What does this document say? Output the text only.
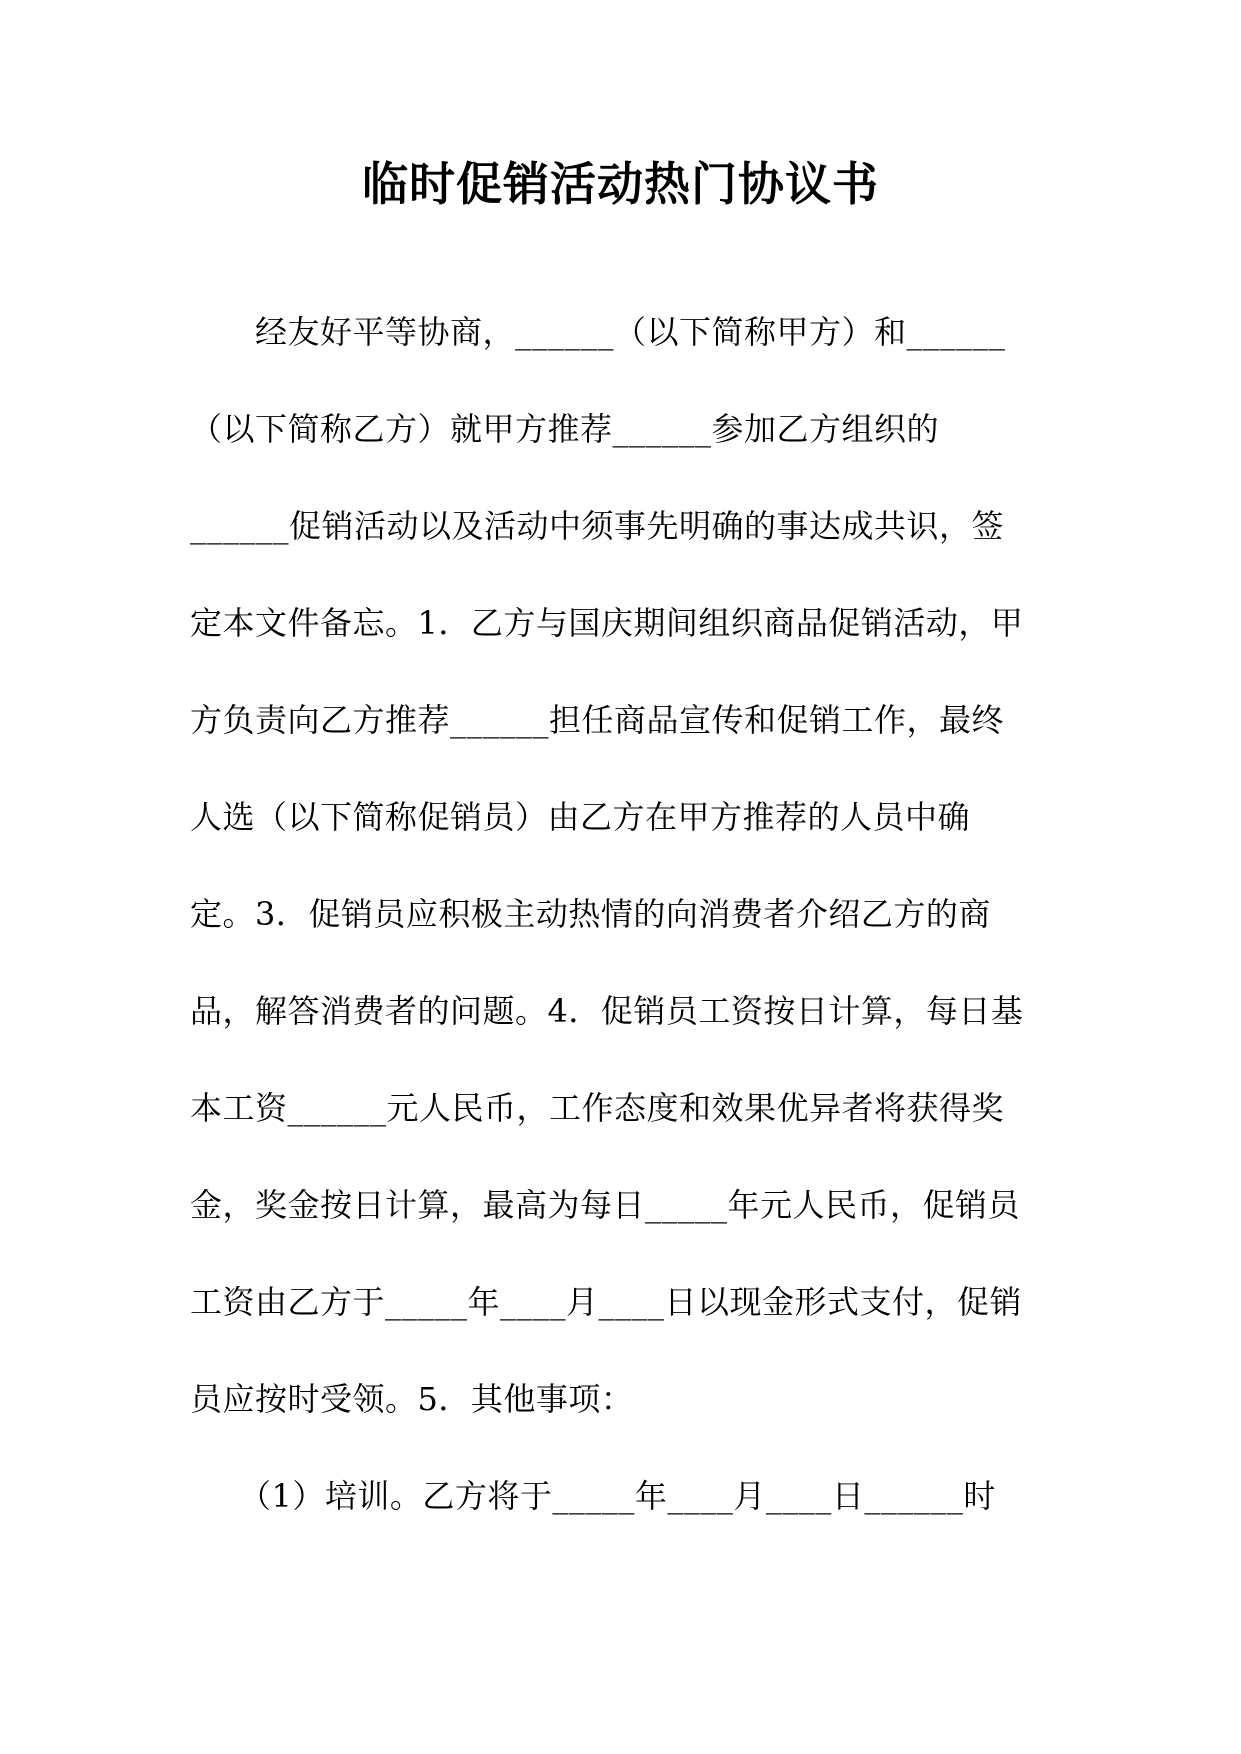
临时促销活动热门协议书
　　经友好平等协商，______（以下简称甲方）和______
（以下简称乙方）就甲方推荐______参加乙方组织的
______促销活动以及活动中须事先明确的事达成共识，签
定本文件备忘。1．乙方与国庆期间组织商品促销活动，甲
方负责向乙方推荐______担任商品宣传和促销工作，最终
人选（以下简称促销员）由乙方在甲方推荐的人员中确
定。3．促销员应积极主动热情的向消费者介绍乙方的商
品，解答消费者的问题。4．促销员工资按日计算，每日基
本工资______元人民币，工作态度和效果优异者将获得奖
金，奖金按日计算，最高为每日_____年元人民币，促销员
工资由乙方于_____年____月____日以现金形式支付，促销
员应按时受领。5．其他事项：
　　（1）培训。乙方将于_____年____月____日______时
